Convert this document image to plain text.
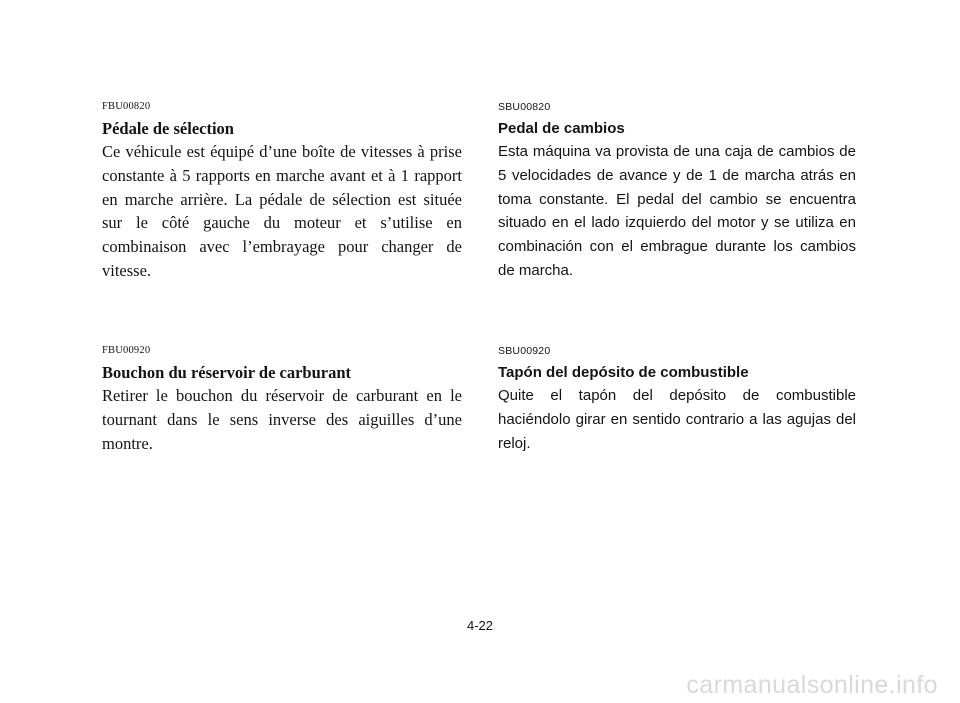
FBU00820

Pédale de sélection

Ce véhicule est équipé d’une boîte de vitesses à prise constante à 5 rapports en marche avant et à 1 rapport en marche arrière. La pédale de sélection est située sur le côté gauche du moteur et s’utilise en combinaison avec l’embrayage pour changer de vitesse.

FBU00920

Bouchon du réservoir de carburant

Retirer le bouchon du réservoir de carburant en le tournant dans le sens inverse des aiguilles d’une montre.

SBU00820

Pedal de cambios

Esta máquina va provista de una caja de cambios de 5 velocidades de avance y de 1 de marcha atrás en toma constante. El pedal del cambio se encuentra situado en el lado izquierdo del motor y se utiliza en combinación con el embrague durante los cambios de marcha.

SBU00920

Tapón del depósito de combustible

Quite el tapón del depósito de combustible haciéndolo girar en sentido contrario a las agujas del reloj.

4-22
carmanualsonline.info
